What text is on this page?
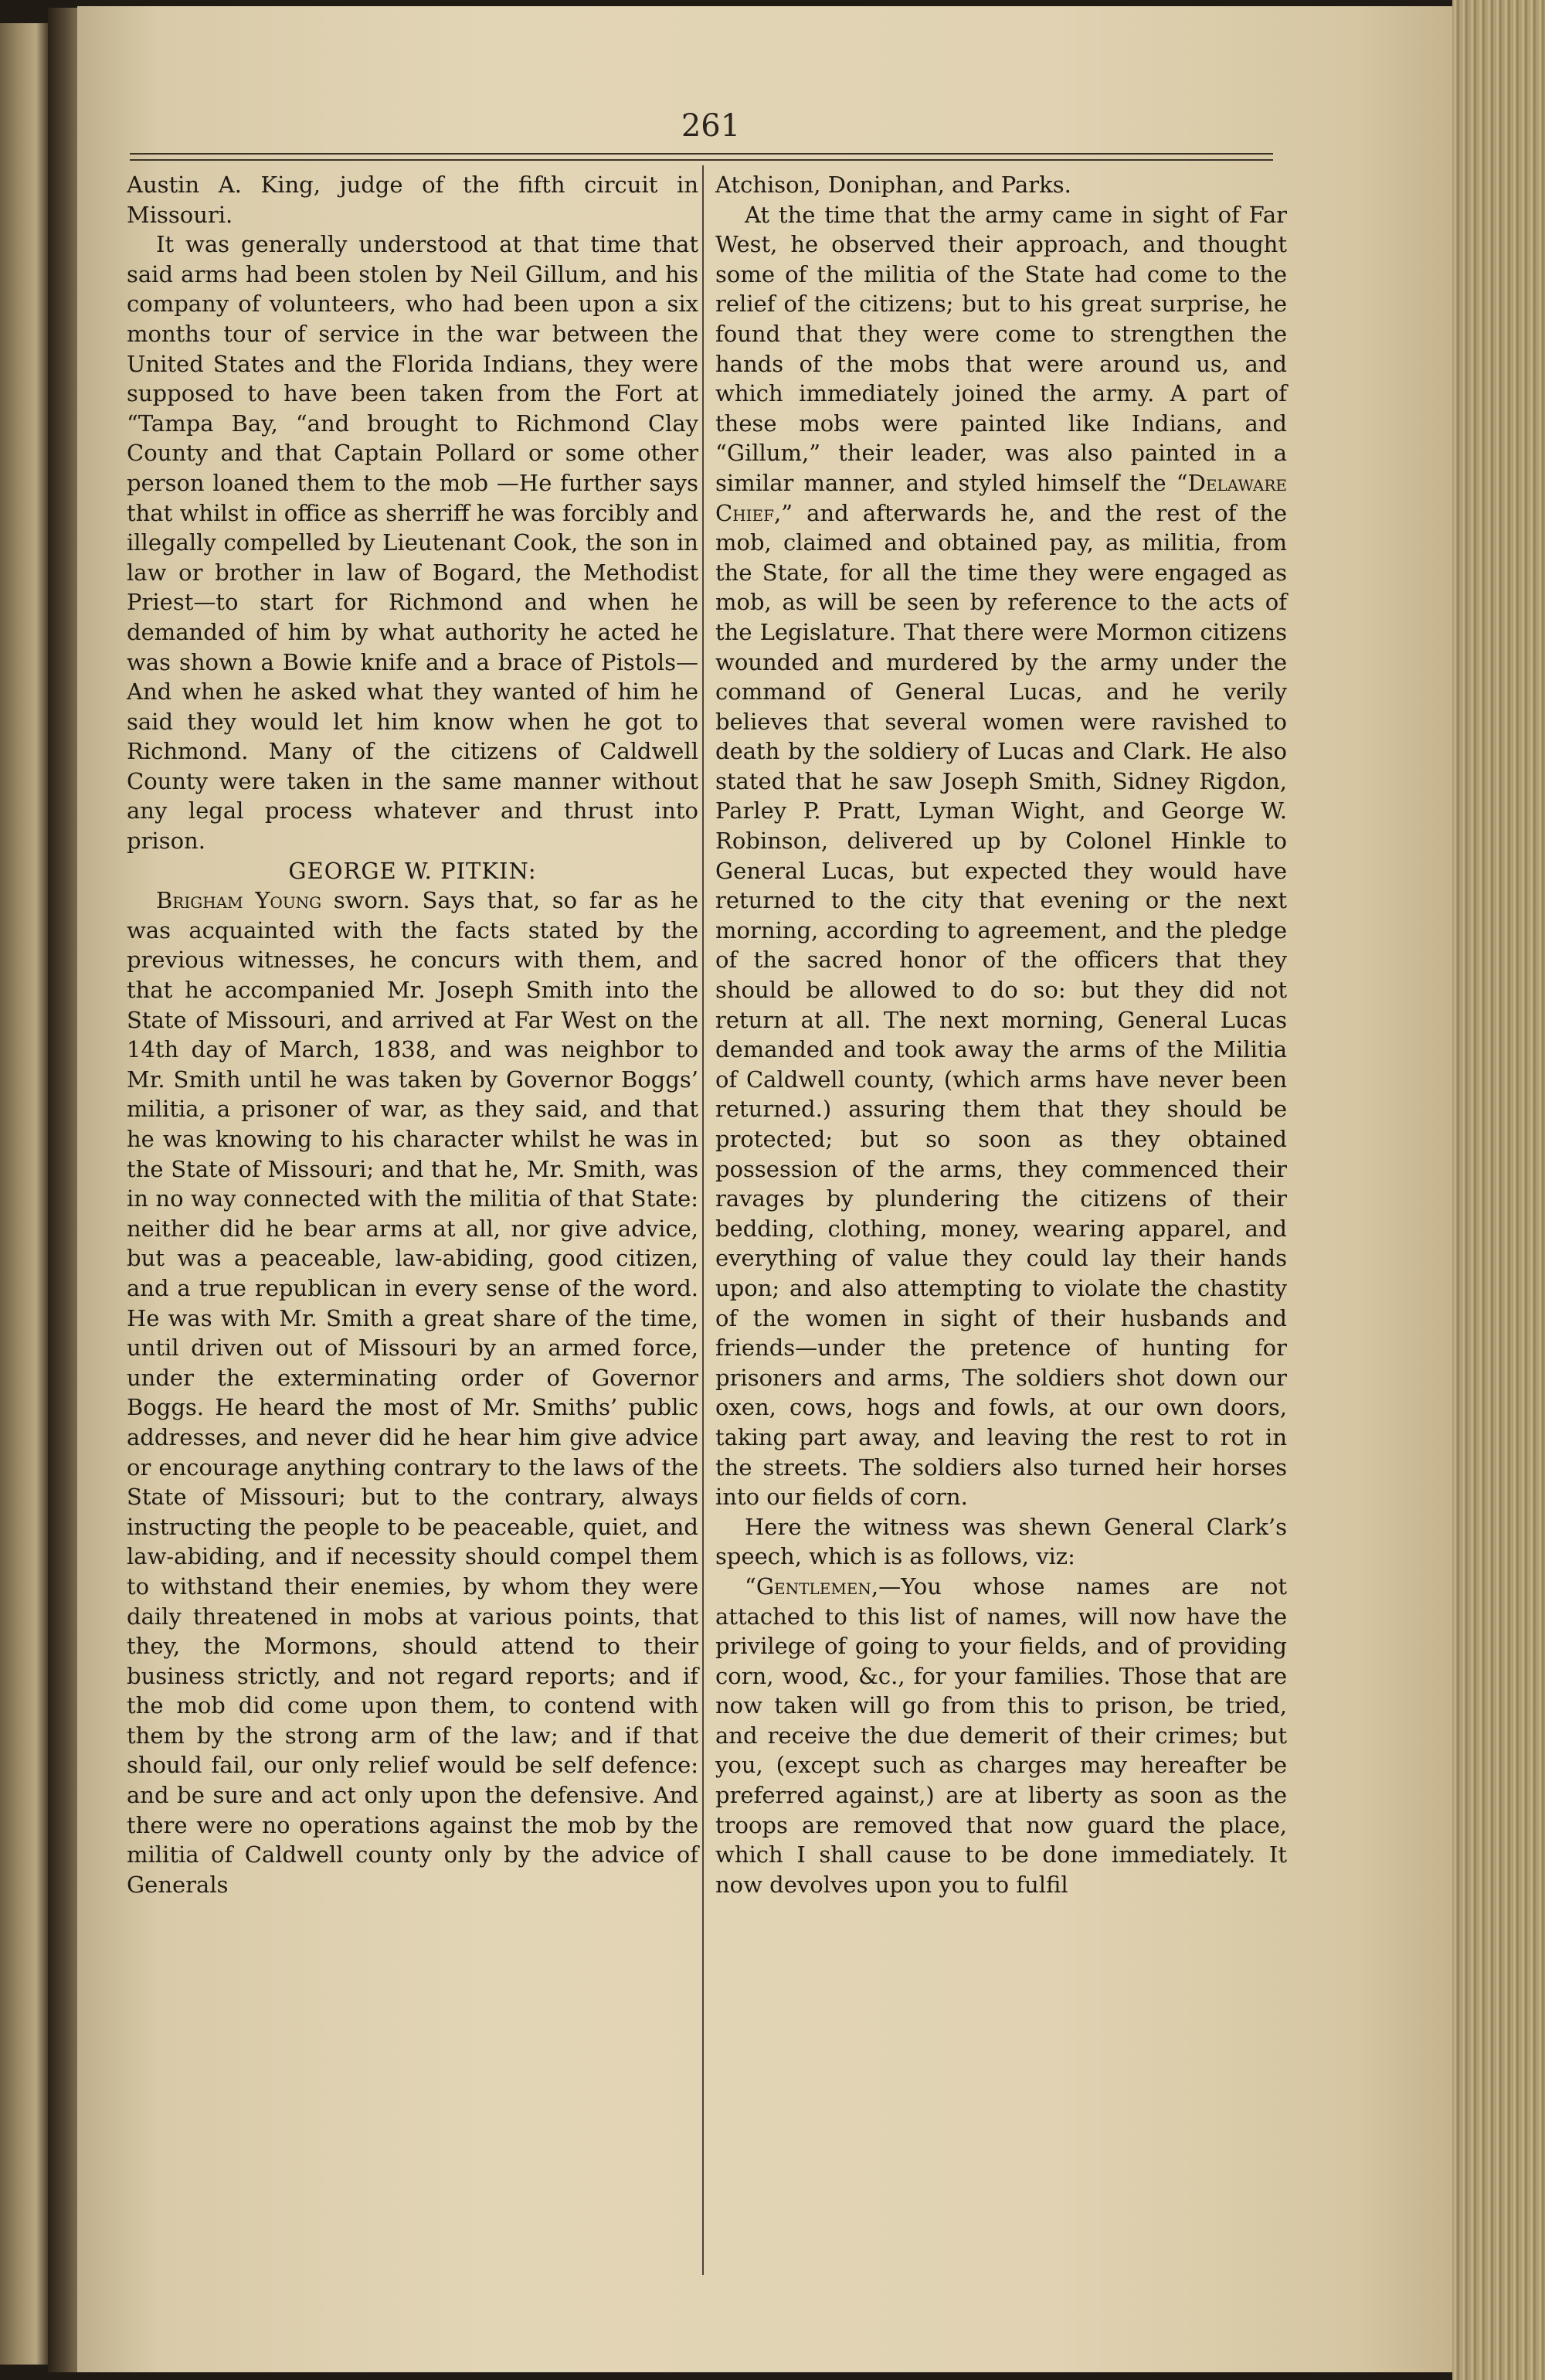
261

Austin A. King, judge of the fifth circuit in Missouri.

It was generally understood at that time that said arms had been stolen by Neil Gillum, and his company of volunteers, who had been upon a six months tour of service in the war between the United States and the Florida Indians, they were supposed to have been taken from the Fort at “Tampa Bay, “and brought to Richmond Clay County and that Captain Pollard or some other person loaned them to the mob —He further says that whilst in office as sherriff he was forcibly and illegally compelled by Lieutenant Cook, the son in law or brother in law of Bogard, the Methodist Priest—to start for Richmond and when he demanded of him by what authority he acted he was shown a Bowie knife and a brace of Pistols—And when he asked what they wanted of him he said they would let him know when he got to Richmond. Many of the citizens of Caldwell County were taken in the same manner without any legal process whatever and thrust into prison.

GEORGE W. PITKIN:

Brigham Young sworn. Says that, so far as he was acquainted with the facts stated by the previous witnesses, he concurs with them, and that he accompanied Mr. Joseph Smith into the State of Missouri, and arrived at Far West on the 14th day of March, 1838, and was neighbor to Mr. Smith until he was taken by Governor Boggs’ militia, a prisoner of war, as they said, and that he was knowing to his character whilst he was in the State of Missouri; and that he, Mr. Smith, was in no way connected with the militia of that State: neither did he bear arms at all, nor give advice, but was a peaceable, law-abiding, good citizen, and a true republican in every sense of the word. He was with Mr. Smith a great share of the time, until driven out of Missouri by an armed force, under the exterminating order of Governor Boggs. He heard the most of Mr. Smiths’ public addresses, and never did he hear him give advice or encourage anything contrary to the laws of the State of Missouri; but to the contrary, always instructing the people to be peaceable, quiet, and law-abiding, and if necessity should compel them to withstand their enemies, by whom they were daily threatened in mobs at various points, that they, the Mormons, should attend to their business strictly, and not regard reports; and if the mob did come upon them, to contend with them by the strong arm of the law; and if that should fail, our only relief would be self defence: and be sure and act only upon the defensive. And there were no operations against the mob by the militia of Caldwell county only by the advice of Generals

Atchison, Doniphan, and Parks.

At the time that the army came in sight of Far West, he observed their approach, and thought some of the militia of the State had come to the relief of the citizens; but to his great surprise, he found that they were come to strengthen the hands of the mobs that were around us, and which immediately joined the army. A part of these mobs were painted like Indians, and “Gillum,” their leader, was also painted in a similar manner, and styled himself the “Delaware Chief,” and afterwards he, and the rest of the mob, claimed and obtained pay, as militia, from the State, for all the time they were engaged as mob, as will be seen by reference to the acts of the Legislature. That there were Mormon citizens wounded and murdered by the army under the command of General Lucas, and he verily believes that several women were ravished to death by the soldiery of Lucas and Clark. He also stated that he saw Joseph Smith, Sidney Rigdon, Parley P. Pratt, Lyman Wight, and George W. Robinson, delivered up by Colonel Hinkle to General Lucas, but expected they would have returned to the city that evening or the next morning, according to agreement, and the pledge of the sacred honor of the officers that they should be allowed to do so: but they did not return at all. The next morning, General Lucas demanded and took away the arms of the Militia of Caldwell county, (which arms have never been returned.) assuring them that they should be protected; but so soon as they obtained possession of the arms, they commenced their ravages by plundering the citizens of their bedding, clothing, money, wearing apparel, and everything of value they could lay their hands upon; and also attempting to violate the chastity of the women in sight of their husbands and friends—under the pretence of hunting for prisoners and arms, The soldiers shot down our oxen, cows, hogs and fowls, at our own doors, taking part away, and leaving the rest to rot in the streets. The soldiers also turned heir horses into our fields of corn.

Here the witness was shewn General Clark’s speech, which is as follows, viz:

“Gentlemen,—You whose names are not attached to this list of names, will now have the privilege of going to your fields, and of providing corn, wood, &c., for your families. Those that are now taken will go from this to prison, be tried, and receive the due demerit of their crimes; but you, (except such as charges may hereafter be preferred against,) are at liberty as soon as the troops are removed that now guard the place, which I shall cause to be done immediately. It now devolves upon you to fulfil
